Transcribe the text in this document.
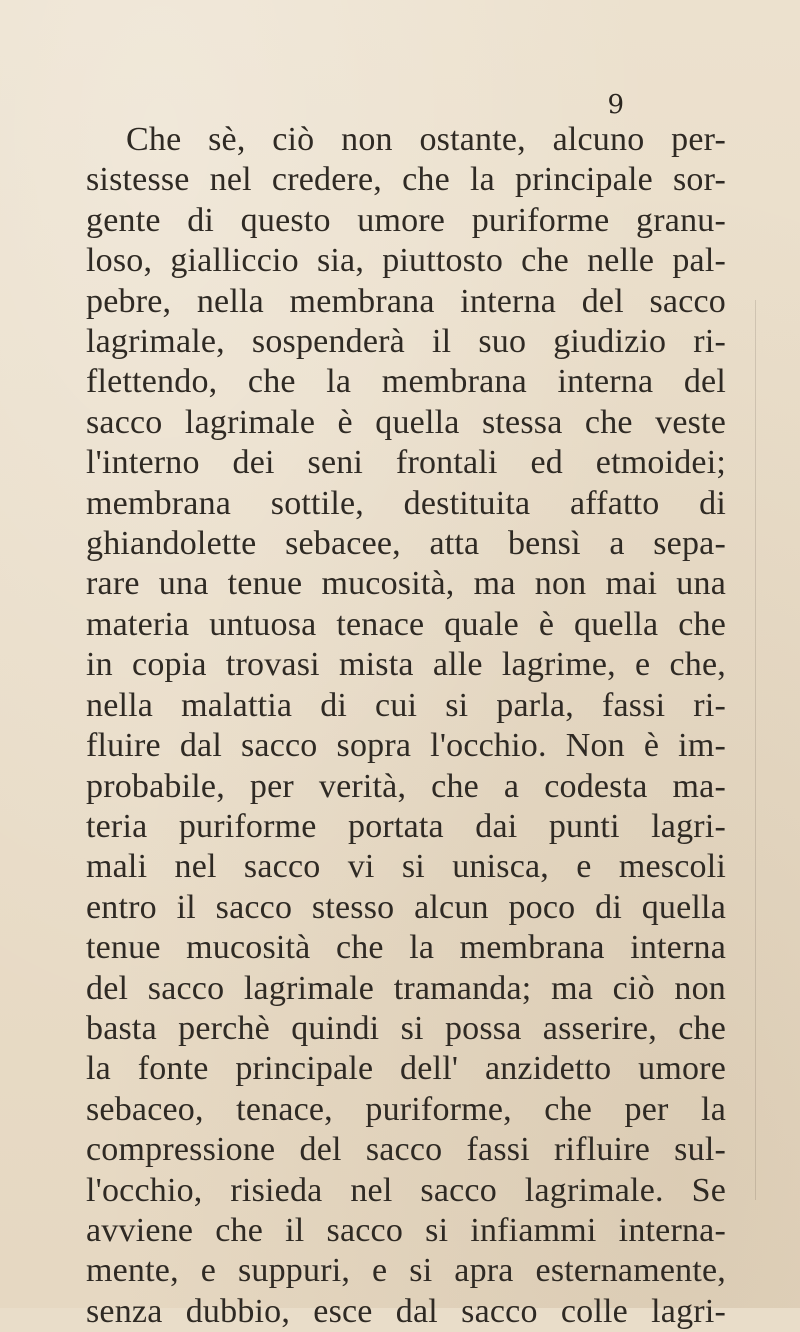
9
Che sè, ciò non ostante, alcuno per-
sistesse nel credere, che la principale sor-
gente di questo umore puriforme granu-
loso, gialliccio sia, piuttosto che nelle pal-
pebre, nella membrana interna del sacco
lagrimale, sospenderà il suo giudizio ri-
flettendo, che la membrana interna del
sacco lagrimale è quella stessa che veste
l'interno dei seni frontali ed etmoidei;
membrana sottile, destituita affatto di
ghiandolette sebacee, atta bensì a sepa-
rare una tenue mucosità, ma non mai una
materia untuosa tenace quale è quella che
in copia trovasi mista alle lagrime, e che,
nella malattia di cui si parla, fassi ri-
fluire dal sacco sopra l'occhio. Non è im-
probabile, per verità, che a codesta ma-
teria puriforme portata dai punti lagri-
mali nel sacco vi si unisca, e mescoli
entro il sacco stesso alcun poco di quella
tenue mucosità che la membrana interna
del sacco lagrimale tramanda; ma ciò non
basta perchè quindi si possa asserire, che
la fonte principale dell' anzidetto umore
sebaceo, tenace, puriforme, che per la
compressione del sacco fassi rifluire sul-
l'occhio, risieda nel sacco lagrimale. Se
avviene che il sacco si infiammi interna-
mente, e suppuri, e si apra esternamente,
senza dubbio, esce dal sacco colle lagri-
